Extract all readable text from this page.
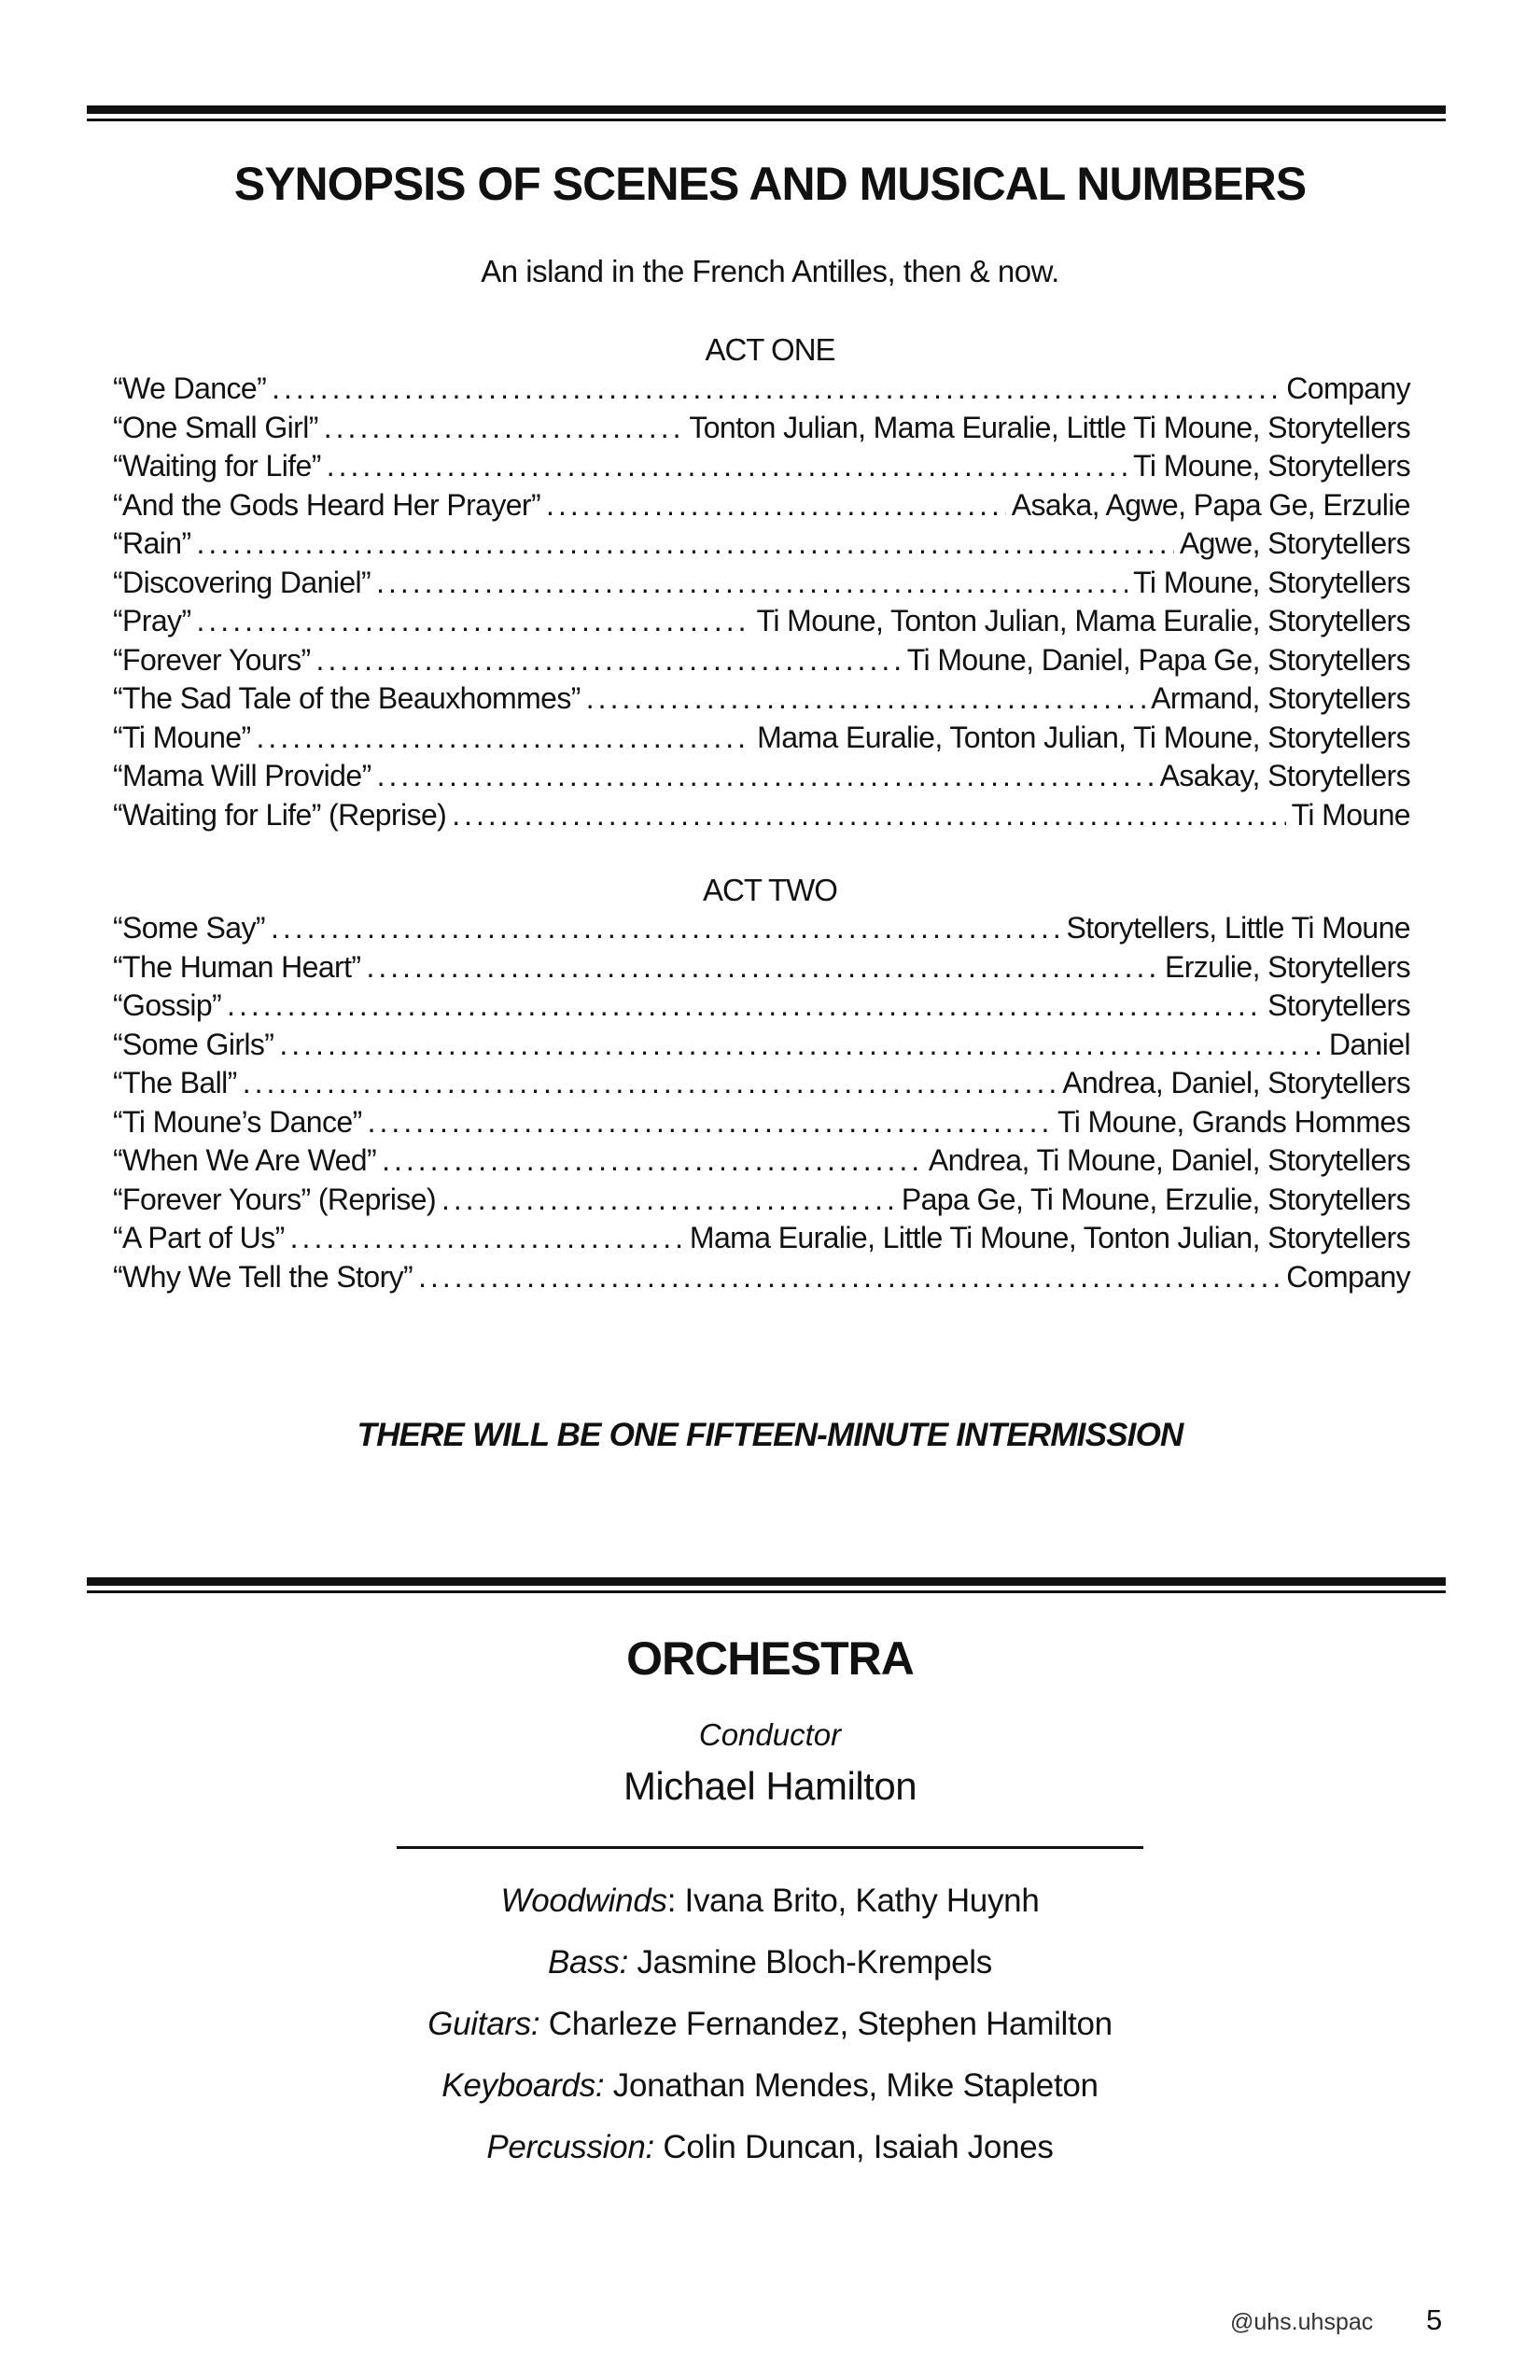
SYNOPSIS OF SCENES AND MUSICAL NUMBERS
An island in the French Antilles, then & now.
ACT ONE
“We Dance” .....	Company
“One Small Girl” .....	Tonton Julian, Mama Euralie, Little Ti Moune, Storytellers
“Waiting for Life” .....	Ti Moune, Storytellers
“And the Gods Heard Her Prayer” .....	Asaka, Agwe, Papa Ge, Erzulie
“Rain” .....	Agwe, Storytellers
“Discovering Daniel” .....	Ti Moune, Storytellers
“Pray” .....	Ti Moune, Tonton Julian, Mama Euralie, Storytellers
“Forever Yours” .....	Ti Moune, Daniel, Papa Ge, Storytellers
“The Sad Tale of the Beauxhommes” .....	Armand, Storytellers
“Ti Moune” .....	Mama Euralie, Tonton Julian, Ti Moune, Storytellers
“Mama Will Provide” .....	Asakay, Storytellers
“Waiting for Life” (Reprise) .....	Ti Moune
ACT TWO
“Some Say” .....	Storytellers, Little Ti Moune
“The Human Heart” .....	Erzulie, Storytellers
“Gossip” .....	Storytellers
“Some Girls” .....	Daniel
“The Ball” .....	Andrea, Daniel, Storytellers
“Ti Moune’s Dance” .....	Ti Moune, Grands Hommes
“When We Are Wed” .....	Andrea, Ti Moune, Daniel, Storytellers
“Forever Yours” (Reprise) .....	Papa Ge, Ti Moune, Erzulie, Storytellers
“A Part of Us” .....	Mama Euralie, Little Ti Moune, Tonton Julian, Storytellers
“Why We Tell the Story” .....	Company
THERE WILL BE ONE FIFTEEN-MINUTE INTERMISSION
ORCHESTRA
Conductor
Michael Hamilton
Woodwinds: Ivana Brito, Kathy Huynh
Bass: Jasmine Bloch-Krempels
Guitars: Charleze Fernandez, Stephen Hamilton
Keyboards: Jonathan Mendes, Mike Stapleton
Percussion: Colin Duncan, Isaiah Jones
@uhs.uhspac 5
